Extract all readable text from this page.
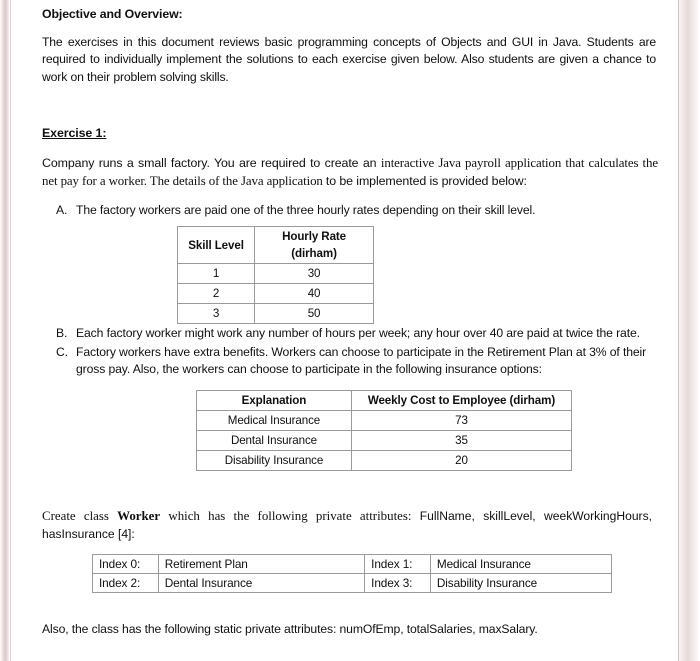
Objective and Overview:

The exercises in this document reviews basic programming concepts of Objects and GUI in Java. Students are required to individually implement the solutions to each exercise given below. Also students are given a chance to work on their problem solving skills.

Exercise 1:

Company runs a small factory. You are required to create an interactive Java payroll application that calculates the net pay for a worker. The details of the Java application to be implemented is provided below:

A. The factory workers are paid one of the three hourly rates depending on their skill level.
Skill Level	Hourly Rate (dirham)
1	30
2	40
3	50
B. Each factory worker might work any number of hours per week; any hour over 40 are paid at twice the rate.
C. Factory workers have extra benefits. Workers can choose to participate in the Retirement Plan at 3% of their gross pay. Also, the workers can choose to participate in the following insurance options:
Explanation	Weekly Cost to Employee (dirham)
Medical Insurance	73
Dental Insurance	35
Disability Insurance	20

Create class Worker which has the following private attributes: FullName, skillLevel, weekWorkingHours, hasInsurance [4]:

Index 0:	Retirement Plan	Index 1:	Medical Insurance
Index 2:	Dental Insurance	Index 3:	Disability Insurance

Also, the class has the following static private attributes: numOfEmp, totalSalaries, maxSalary.
